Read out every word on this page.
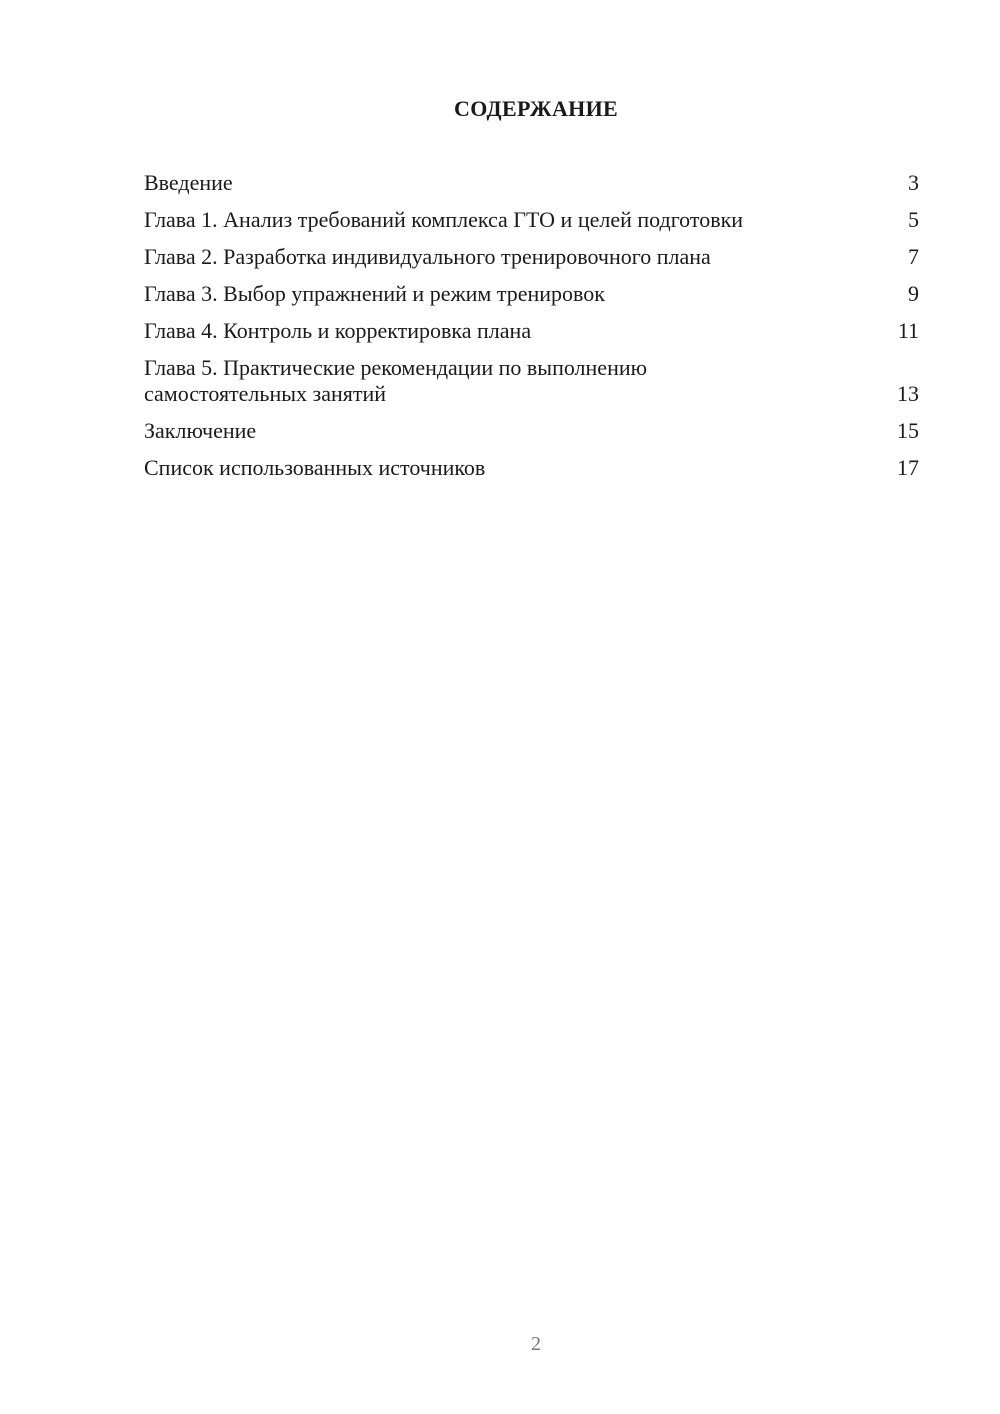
СОДЕРЖАНИЕ
Введение	3
Глава 1. Анализ требований комплекса ГТО и целей подготовки	5
Глава 2. Разработка индивидуального тренировочного плана	7
Глава 3. Выбор упражнений и режим тренировок	9
Глава 4. Контроль и корректировка плана	11
Глава 5. Практические рекомендации по выполнению самостоятельных занятий	13
Заключение	15
Список использованных источников	17
2
